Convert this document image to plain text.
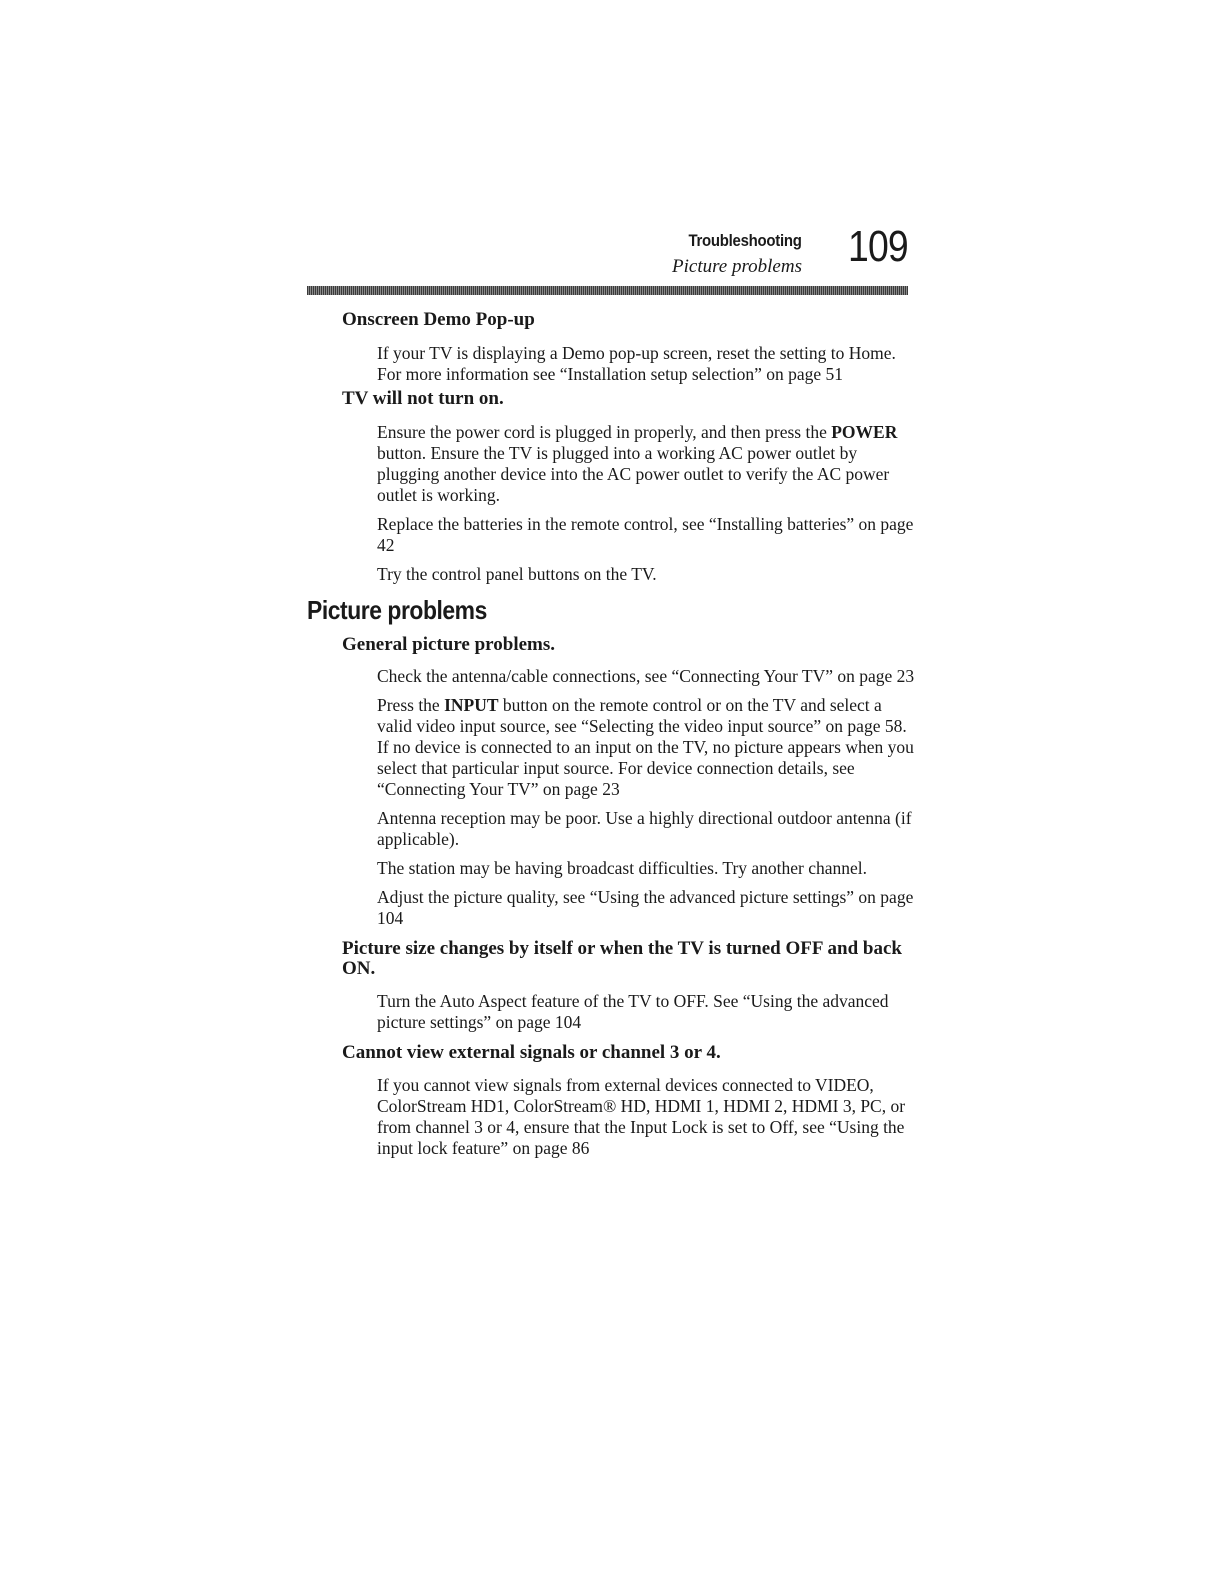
Troubleshooting
Picture problems 109
Onscreen Demo Pop-up

If your TV is displaying a Demo pop-up screen, reset the setting to Home. For more information see “Installation setup selection” on page 51

TV will not turn on.

Ensure the power cord is plugged in properly, and then press the POWER button. Ensure the TV is plugged into a working AC power outlet by plugging another device into the AC power outlet to verify the AC power outlet is working.

Replace the batteries in the remote control, see “Installing batteries” on page 42

Try the control panel buttons on the TV.

Picture problems
General picture problems.

Check the antenna/cable connections, see “Connecting Your TV” on page 23

Press the INPUT button on the remote control or on the TV and select a valid video input source, see “Selecting the video input source” on page 58. If no device is connected to an input on the TV, no picture appears when you select that particular input source. For device connection details, see “Connecting Your TV” on page 23

Antenna reception may be poor. Use a highly directional outdoor antenna (if applicable).

The station may be having broadcast difficulties. Try another channel.

Adjust the picture quality, see “Using the advanced picture settings” on page 104

Picture size changes by itself or when the TV is turned OFF and back ON.

Turn the Auto Aspect feature of the TV to OFF. See “Using the advanced picture settings” on page 104

Cannot view external signals or channel 3 or 4.

If you cannot view signals from external devices connected to VIDEO, ColorStream HD1, ColorStream® HD, HDMI 1, HDMI 2, HDMI 3, PC, or from channel 3 or 4, ensure that the Input Lock is set to Off, see “Using the input lock feature” on page 86
